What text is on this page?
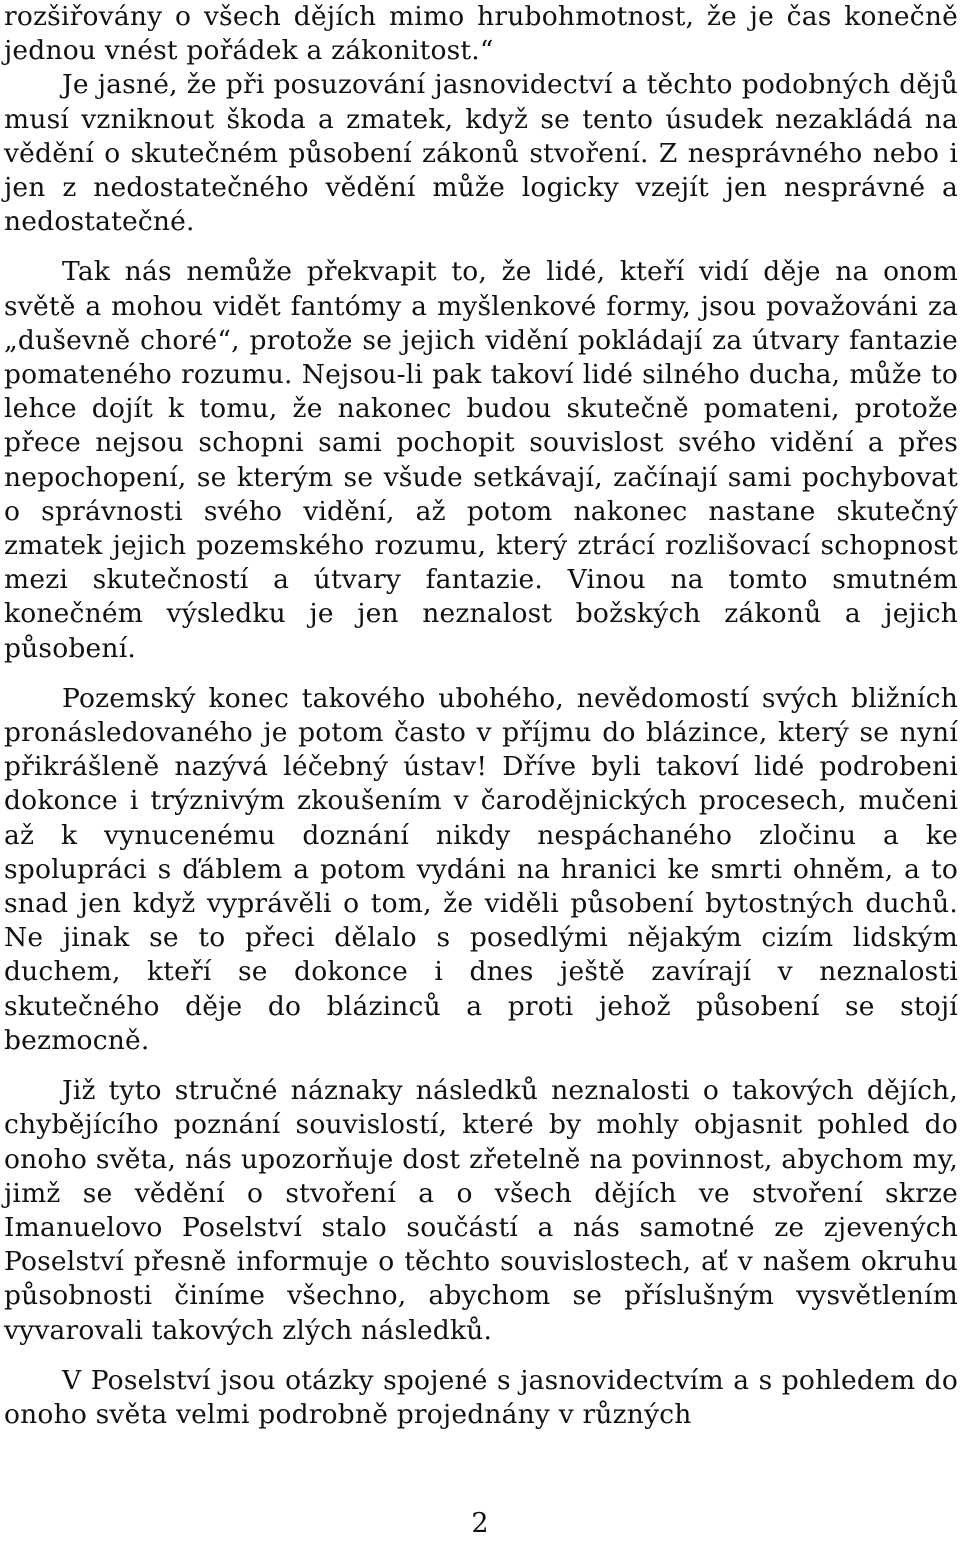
rozšiřovány o všech dějích mimo hrubohmotnost, že je čas konečně jednou vnést pořádek a zákonitost.“

Je jasné, že při posuzování jasnovidectví a těchto podobných dějů musí vzniknout škoda a zmatek, když se tento úsudek nezakládá na vědění o skutečném působení zákonů stvoření. Z nesprávného nebo i jen z nedostatečného vědění může logicky vzejít jen nesprávné a nedostatečné.

Tak nás nemůže překvapit to, že lidé, kteří vidí děje na onom světě a mohou vidět fantómy a myšlenkové formy, jsou považováni za „duševně choré“, protože se jejich vidění pokládají za útvary fantazie pomateného rozumu. Nejsou-li pak takoví lidé silného ducha, může to lehce dojít k tomu, že nakonec budou skutečně pomateni, protože přece nejsou schopni sami pochopit souvislost svého vidění a přes nepochopení, se kterým se všude setkávají, začínají sami pochybovat o správnosti svého vidění, až potom nakonec nastane skutečný zmatek jejich pozemského rozumu, který ztrácí rozlišovací schopnost mezi skutečností a útvary fantazie. Vinou na tomto smutném konečném výsledku je jen neznalost božských zákonů a jejich působení.

Pozemský konec takového ubohého, nevědomostí svých bližních pronásledovaného je potom často v příjmu do blázince, který se nyní přikrášleně nazývá léčebný ústav! Dříve byli takoví lidé podrobeni dokonce i trýznivým zkoušením v čarodějnických procesech, mučeni až k vynucenému doznání nikdy nespáchaného zločinu a ke spolupráci s ďáblem a potom vydáni na hranici ke smrti ohněm, a to snad jen když vyprávěli o tom, že viděli působení bytostných duchů. Ne jinak se to přeci dělalo s posedlými nějakým cizím lidským duchem, kteří se dokonce i dnes ještě zavírají v neznalosti skutečného děje do blázinců a proti jehož působení se stojí bezmocně.

Již tyto stručné náznaky následků neznalosti o takových dějích, chybějícího poznání souvislostí, které by mohly objasnit pohled do onoho světa, nás upozorňuje dost zřetelně na povinnost, abychom my, jimž se vědění o stvoření a o všech dějích ve stvoření skrze Imanuelovo Poselství stalo součástí a nás samotné ze zjevených Poselství přesně informuje o těchto souvislostech, ať v našem okruhu působnosti činíme všechno, abychom se příslušným vysvětlením vyvarovali takových zlých následků.

V Poselství jsou otázky spojené s jasnovidectvím a s pohledem do onoho světa velmi podrobně projednány v různých

2
